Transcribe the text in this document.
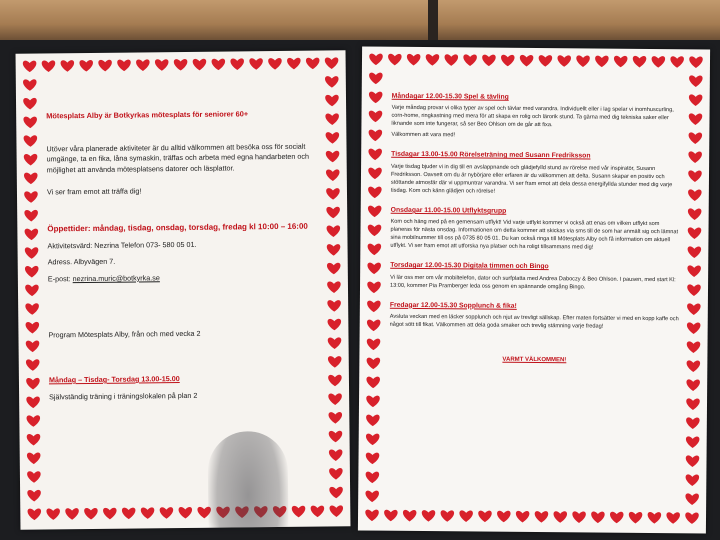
Mötesplats Alby är Botkyrkas mötesplats för seniorer 60+

Utöver våra planerade aktiviteter är du alltid välkommen att besöka oss för socialt umgänge, ta en fika, låna symaskin, träffas och arbeta med egna handarbeten och möjlighet att använda mötesplatsens datorer och läsplattor.

Vi ser fram emot att träffa dig!

Öppettider: måndag, tisdag, onsdag, torsdag, fredag kl 10:00 – 16:00

Aktivitetsvärd: Nezrina Telefon 073- 580 05 01.

Adress. Albyvägen 7.

E-post: nezrina.muric@botkyrka.se

Program Mötesplats Alby, från och med vecka 2

Måndag – Tisdag- Torsdag 13.00-15.00

Självständig träning i träningslokalen på plan 2

Måndagar 12.00-15.30 Spel & tävling

Varje måndag provar vi olika typer av spel och tävlar med varandra. Individuellt eller i lag spelar vi inomhuscurling, corn-home, ringkastning med mera för att skapa en rolig och lärorik stund. Ta gärna med dig tekniska saker eller liknande som inte fungerar, så ser Beo Ohlson om de går att fixa.

Välkommen att vara med!

Tisdagar 13.00-15.00 Rörelseträning med Susann Fredriksson

Varje tisdag bjuder vi in dig till en avslappnande och glädjefylld stund av rörelse med vår inspiratör, Susann Fredriksson. Oavsett om du är nybörjare eller erfaren är du välkommen att delta. Susann skapar en positiv och stöttande atmosfär där vi uppmuntrar varandra. Vi ser fram emot att dela dessa energifyllda stunder med dig varje tisdag. Kom och känn glädjen och rörelse!

Onsdagar 11.00-15.00 Utflyktsgrupp

Kom och häng med på en gemensam utflykt! Vid varje utflykt kommer vi också att enas om vilken utflykt som planeras för nästa onsdag. Informationen om detta kommer att skickas via sms till de som har anmält sig och lämnat sina mobilnummer till oss på 0735 80 05 01. Du kan också ringa till Mötesplats Alby och få information om aktuell utflykt. Vi ser fram emot att utforska nya platser och ha roligt tillsammans med dig!

Torsdagar 12.00-15.30 Digitala timmen och Bingo

Vi lär oss mer om vår mobiltelefon, dator och surfplatta med Andrea Daboczy & Beo Ohlson. I pausen, med start Kl: 13:00, kommer Pia Pramberger leda oss genom en spännande omgång Bingo.

Fredagar 12.00-15.30 Sopplunch & fika!

Avsluta veckan med en läcker sopplunch och njut av trevligt sällskap. Efter maten fortsätter vi med en kopp kaffe och något sött till fikat. Välkommen att dela goda smaker och trevlig stämning varje fredag!

VARMT VÄLKOMMEN!
